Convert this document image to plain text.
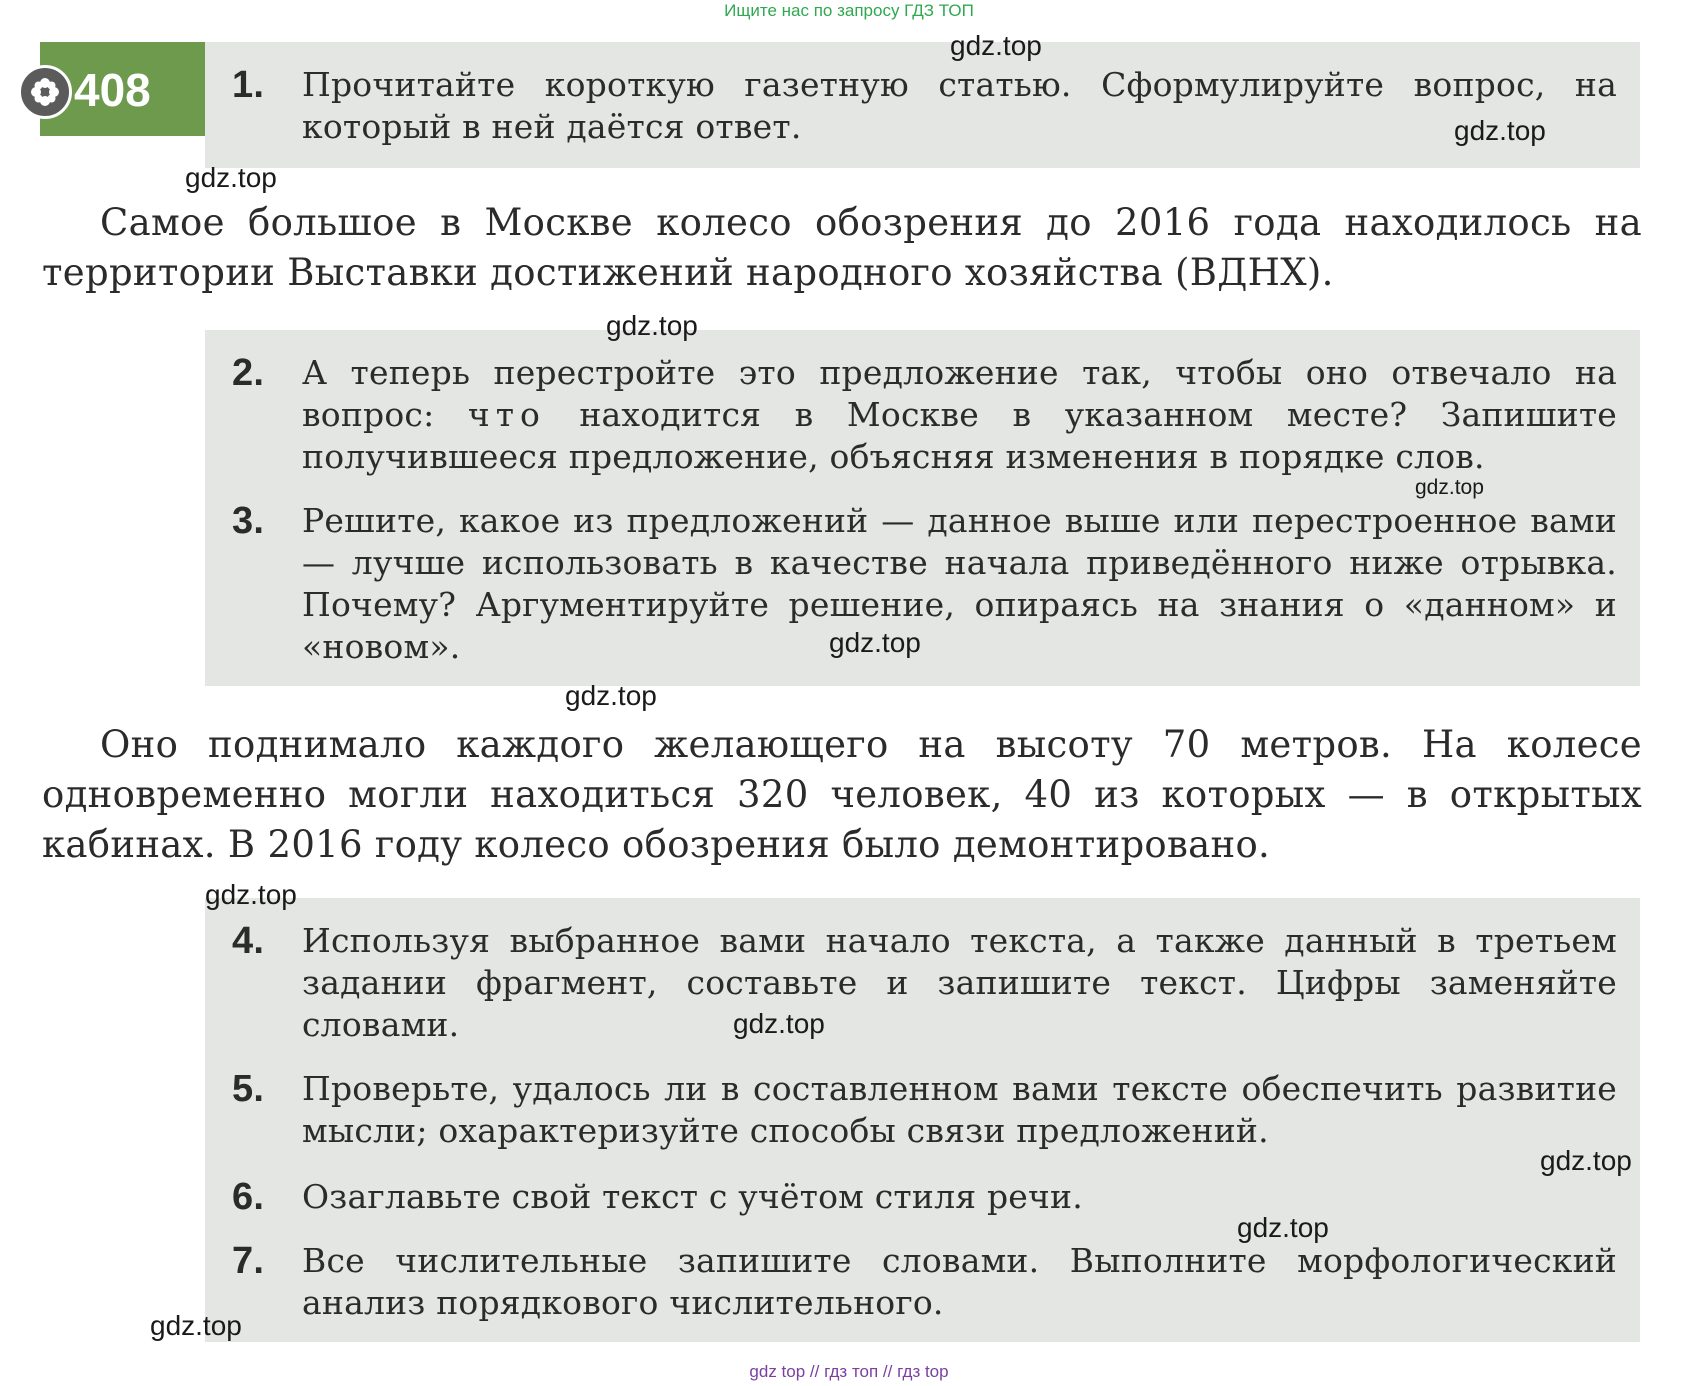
Ищите нас по запросу ГДЗ ТОП
408 1.	Прочитайте короткую газетную статью. Сформулируйте вопрос, на который в ней даётся ответ.
Самое большое в Москве колесо обозрения до 2016 года находилось на территории Выставки достижений народного хозяйства (ВДНХ).
2.	А теперь перестройте это предложение так, чтобы оно отвечало на вопрос: что находится в Москве в указанном месте? Запишите получившееся предложение, объясняя изменения в порядке слов.
3.	Решите, какое из предложений — данное выше или перестроенное вами — лучше использовать в качестве начала приведённого ниже отрывка. Почему? Аргументируйте решение, опираясь на знания о «данном» и «новом».
Оно поднимало каждого желающего на высоту 70 метров. На колесе одновременно могли находиться 320 человек, 40 из которых — в открытых кабинах. В 2016 году колесо обозрения было демонтировано.
4.	Используя выбранное вами начало текста, а также данный в третьем задании фрагмент, составьте и запишите текст. Цифры заменяйте словами.
5.	Проверьте, удалось ли в составленном вами тексте обеспечить развитие мысли; охарактеризуйте способы связи предложений.
6.	Озаглавьте свой текст с учётом стиля речи.
7.	Все числительные запишите словами. Выполните морфологический анализ порядкового числительного.
gdz.top
gdz.top
gdz.top
gdz.top
gdz.top
gdz.top
gdz.top
gdz.top
gdz.top
gdz.top
gdz.top
gdz.top
gdz top // гдз топ // гдз top
